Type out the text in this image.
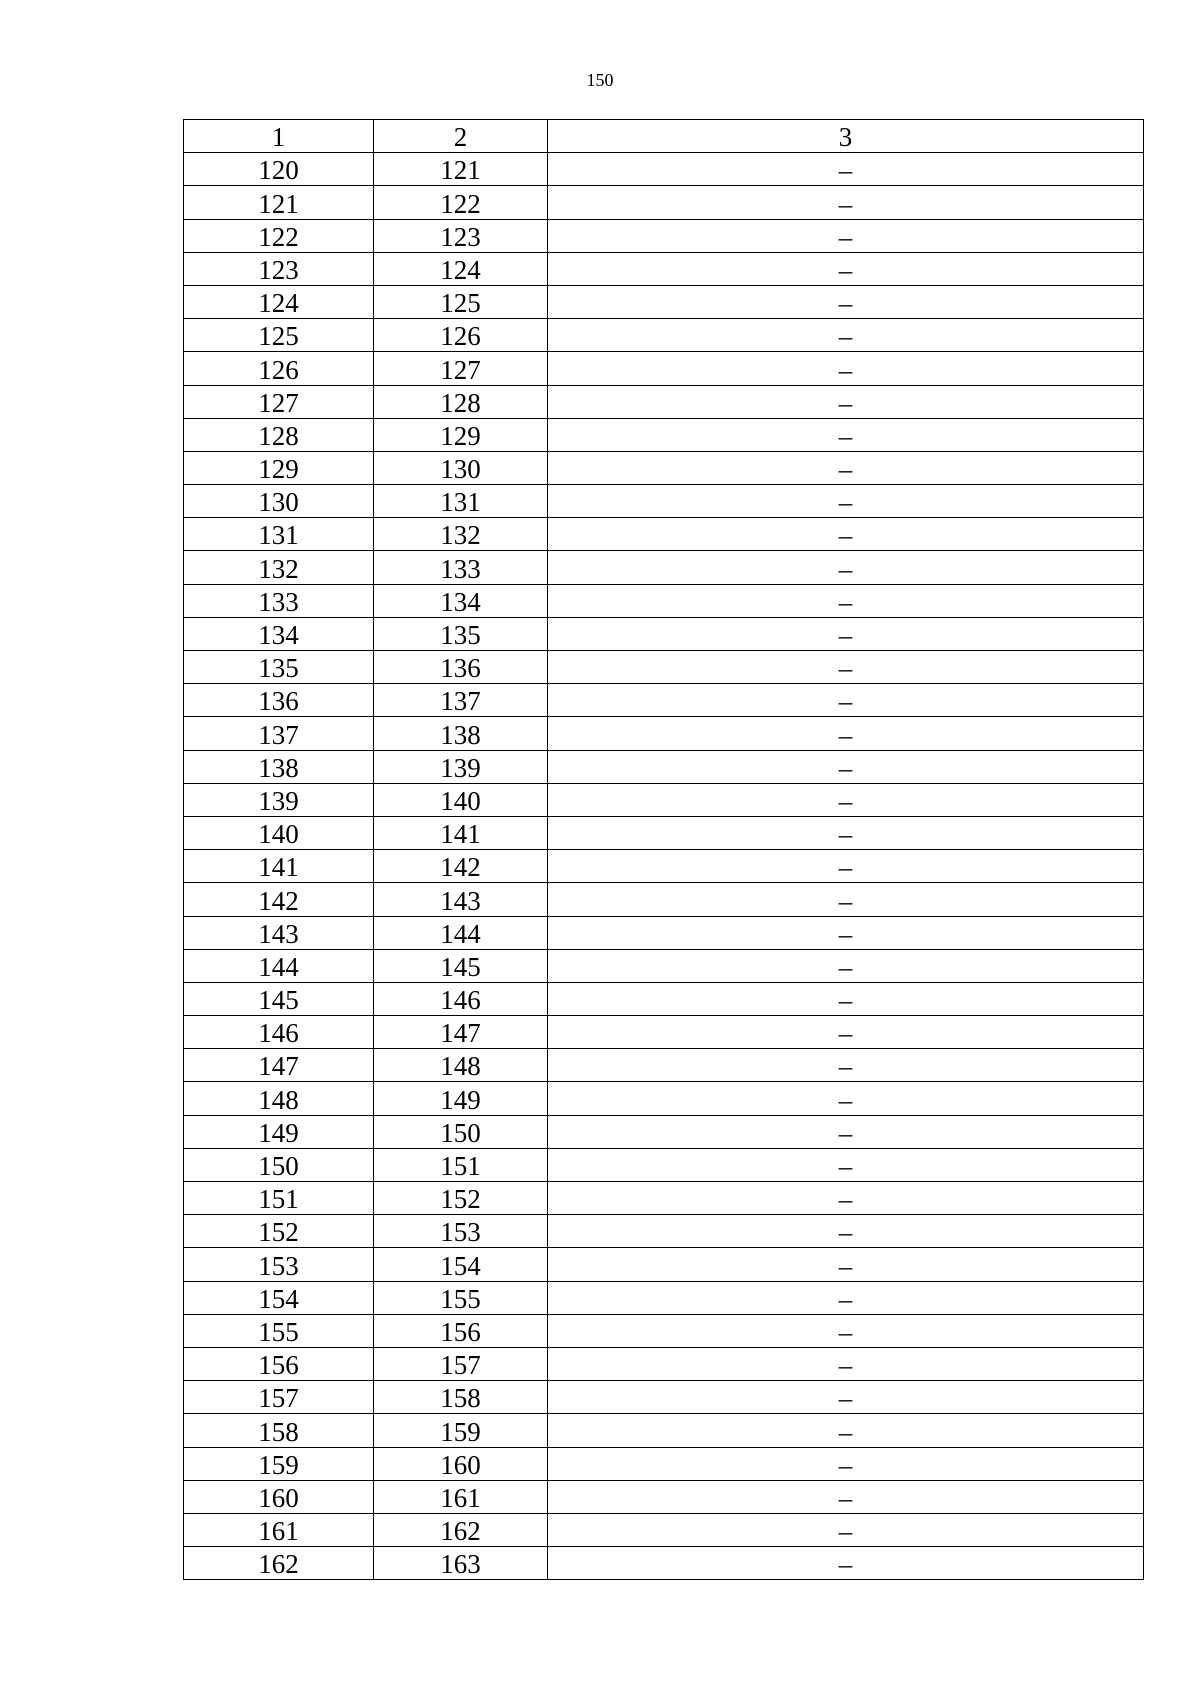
150
1	2	3
120	121	–
121	122	–
122	123	–
123	124	–
124	125	–
125	126	–
126	127	–
127	128	–
128	129	–
129	130	–
130	131	–
131	132	–
132	133	–
133	134	–
134	135	–
135	136	–
136	137	–
137	138	–
138	139	–
139	140	–
140	141	–
141	142	–
142	143	–
143	144	–
144	145	–
145	146	–
146	147	–
147	148	–
148	149	–
149	150	–
150	151	–
151	152	–
152	153	–
153	154	–
154	155	–
155	156	–
156	157	–
157	158	–
158	159	–
159	160	–
160	161	–
161	162	–
162	163	–
